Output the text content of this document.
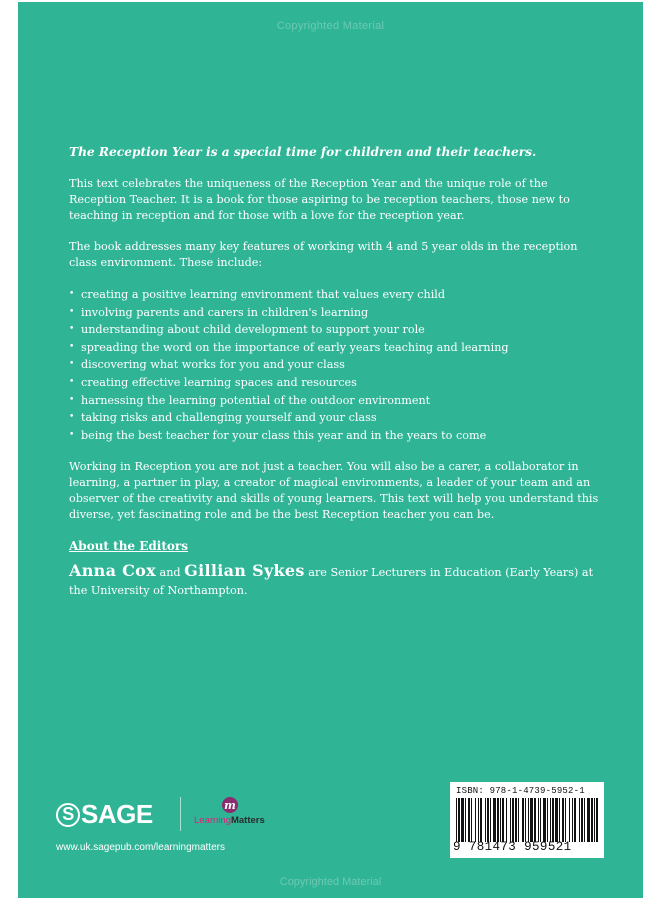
Copyrighted Material

The Reception Year is a special time for children and their teachers.

This text celebrates the uniqueness of the Reception Year and the unique role of the Reception Teacher. It is a book for those aspiring to be reception teachers, those new to teaching in reception and for those with a love for the reception year.

The book addresses many key features of working with 4 and 5 year olds in the reception class environment. These include:

• creating a positive learning environment that values every child
• involving parents and carers in children's learning
• understanding about child development to support your role
• spreading the word on the importance of early years teaching and learning
• discovering what works for you and your class
• creating effective learning spaces and resources
• harnessing the learning potential of the outdoor environment
• taking risks and challenging yourself and your class
• being the best teacher for your class this year and in the years to come

Working in Reception you are not just a teacher. You will also be a carer, a collaborator in learning, a partner in play, a creator of magical environments, a leader of your team and an observer of the creativity and skills of young learners. This text will help you understand this diverse, yet fascinating role and be the best Reception teacher you can be.

About the Editors
Anna Cox and Gillian Sykes are Senior Lecturers in Education (Early Years) at the University of Northampton.
S SAGE	m
LearningMatters
www.uk.sagepub.com/learningmatters
ISBN: 978-1-4739-5952-1
9 781473 959521
Copyrighted Material
